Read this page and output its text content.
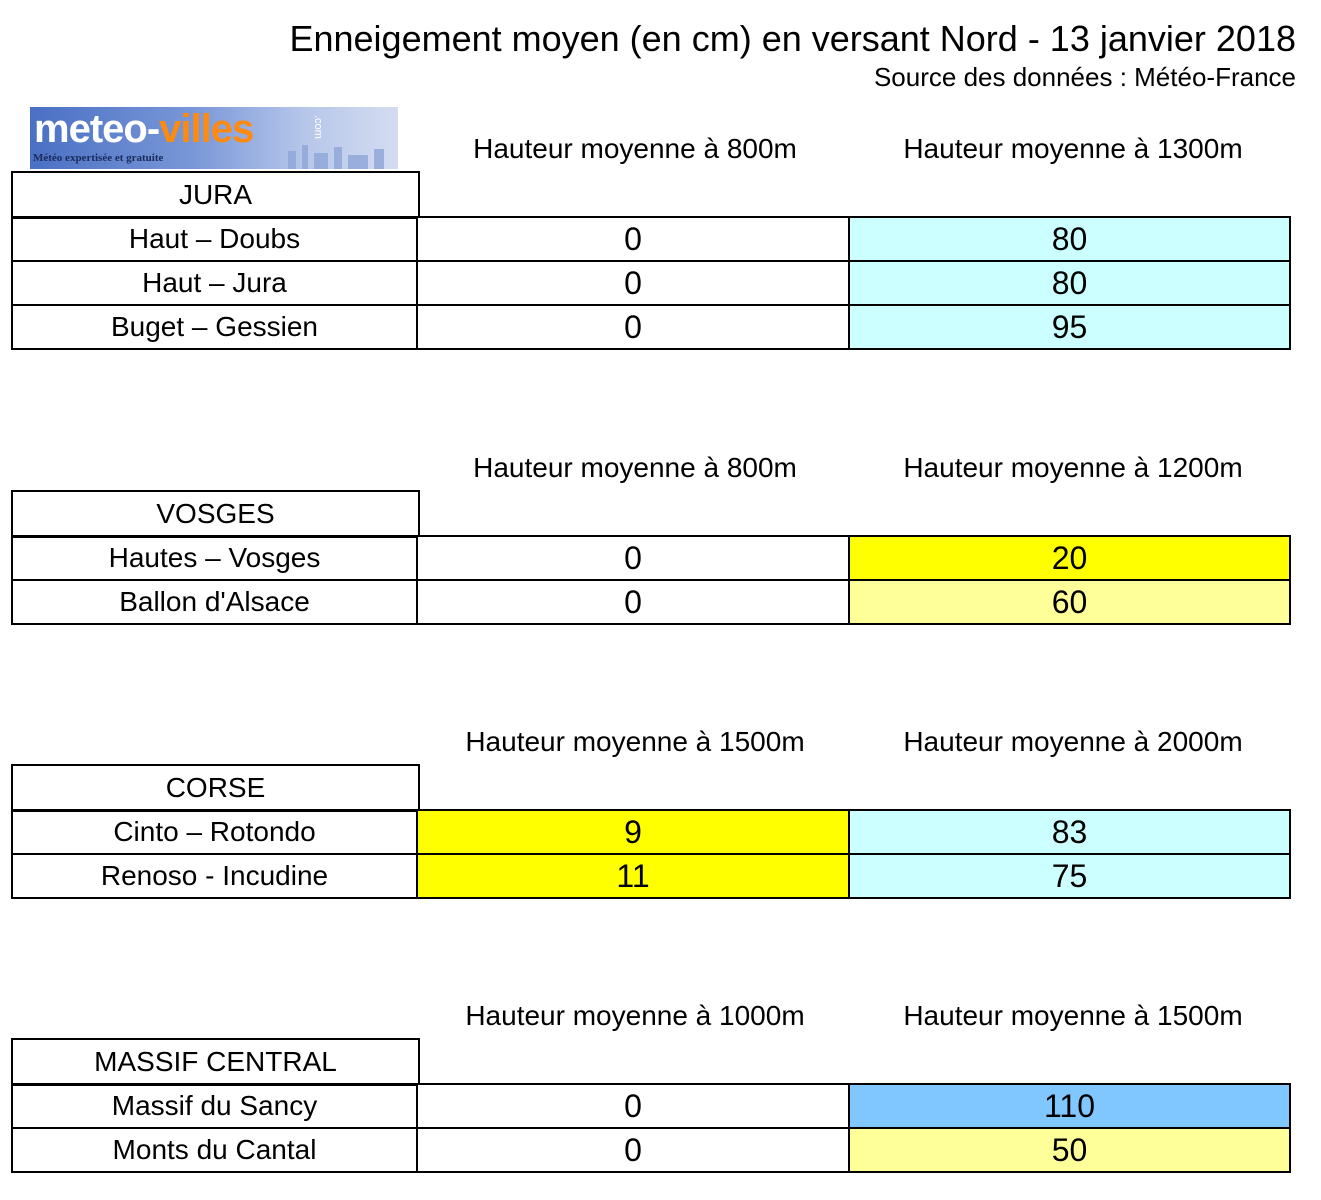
Enneigement moyen (en cm) en versant Nord - 13 janvier 2018
Source des données : Météo-France
meteo-villes	.com
Météo expertisée et gratuite	Hauteur moyenne à 800m	Hauteur moyenne à 1300m
JURA
Haut – Doubs	0	80
Haut – Jura	0	80
Buget – Gessien	0	95
Hauteur moyenne à 800m	Hauteur moyenne à 1200m
VOSGES
Hautes – Vosges	0	20
Ballon d'Alsace	0	60
Hauteur moyenne à 1500m	Hauteur moyenne à 2000m
CORSE
Cinto – Rotondo	9	83
Renoso - Incudine	11	75
Hauteur moyenne à 1000m	Hauteur moyenne à 1500m
MASSIF CENTRAL
Massif du Sancy	0	110
Monts du Cantal	0	50
